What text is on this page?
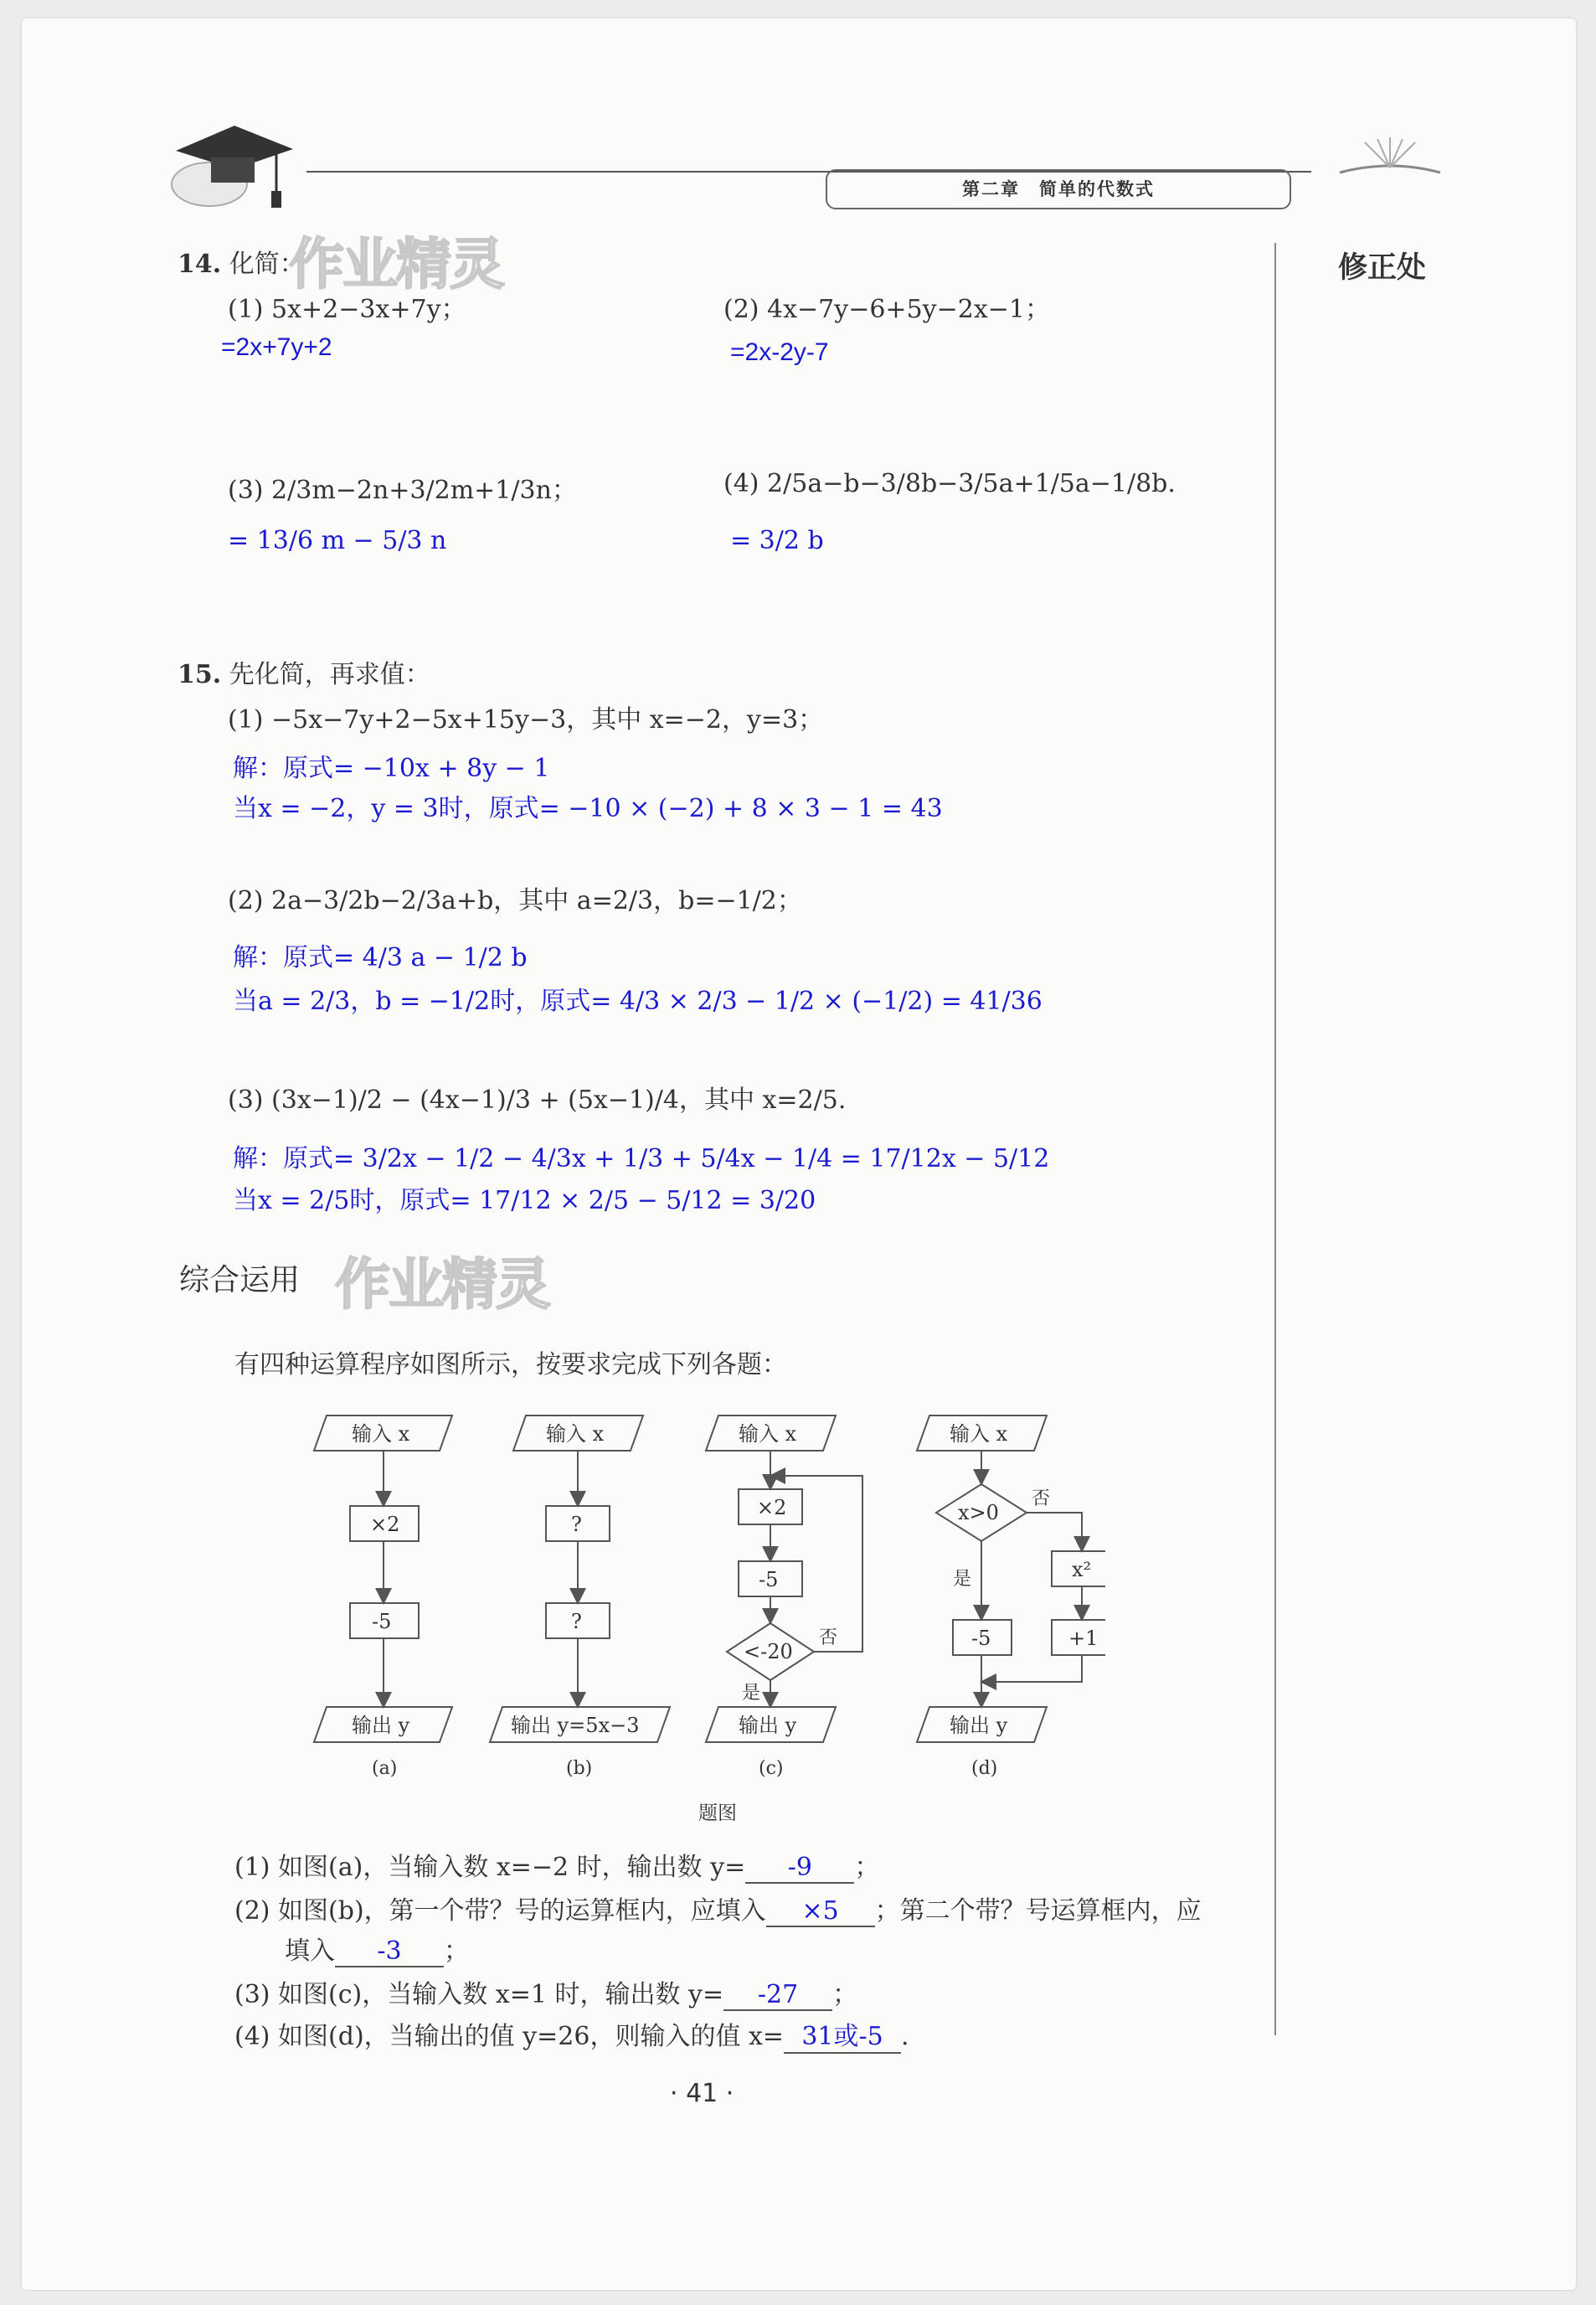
第二章　简单的代数式
修正处
14. 化简：
作业精灵
(1) 5x+2−3x+7y；
=2x+7y+2
(2) 4x−7y−6+5y−2x−1；
=2x-2y-7
(3) 2/3m−2n+3/2m+1/3n；
= 13/6 m − 5/3 n
(4) 2/5a−b−3/8b−3/5a+1/5a−1/8b.
= 3/2 b
15. 先化简，再求值：
(1) −5x−7y+2−5x+15y−3，其中 x=−2，y=3；
解：原式= −10x + 8y − 1
当x = −2，y = 3时，原式= −10 × (−2) + 8 × 3 − 1 = 43
(2) 2a−3/2b−2/3a+b，其中 a=2/3，b=−1/2；
解：原式= 4/3 a − 1/2 b
当a = 2/3，b = −1/2时，原式= 4/3 × 2/3 − 1/2 × (−1/2) = 41/36
(3) (3x−1)/2 − (4x−1)/3 + (5x−1)/4，其中 x=2/5.
解：原式= 3/2x − 1/2 − 4/3x + 1/3 + 5/4x − 1/4 = 17/12x − 5/12
当x = 2/5时，原式= 17/12 × 2/5 − 5/12 = 3/20
综合运用 作业精灵
有四种运算程序如图所示，按要求完成下列各题：
输入 x
×2
-5
输出 y
(a)
输入 x
?
?
输出 y=5x−3
(b)
输入 x
×2
-5
<-20
否
是
输出 y
(c)
输入 x
x>0
否
x²
+1
是
-5
输出 y
(d)
题图
(1) 如图(a)，当输入数 x=−2 时，输出数 y= -9 ；
(2) 如图(b)，第一个带？号的运算框内，应填入 ×5 ；第二个带？号运算框内，应
填入 -3 ；
(3) 如图(c)，当输入数 x=1 时，输出数 y= -27 ；
(4) 如图(d)，当输出的值 y=26，则输入的值 x= 31或-5 .
· 41 ·
